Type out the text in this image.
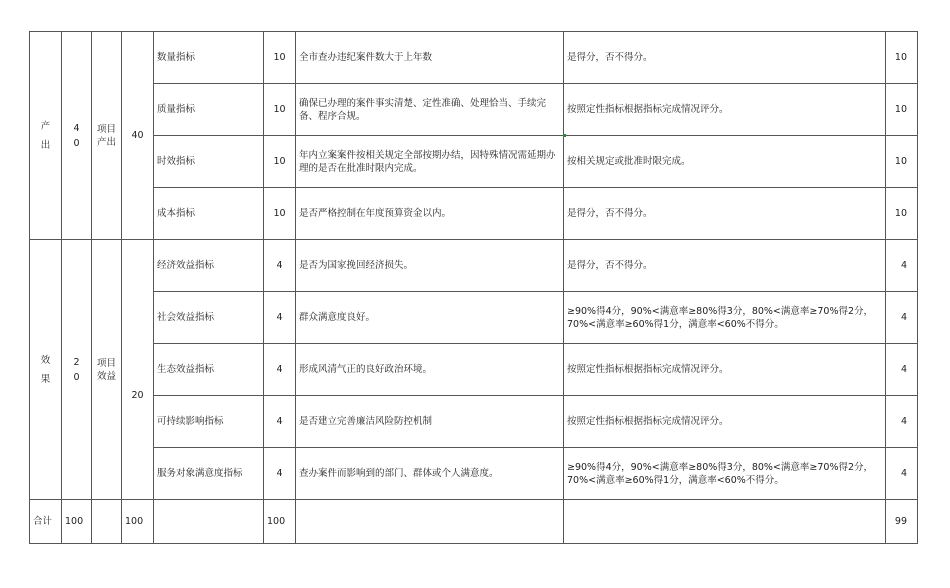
产出	40	项目产出	40	数量指标	10	全市查办违纪案件数大于上年数	是得分，否不得分。	10
				质量指标	10	确保已办理的案件事实清楚、定性准确、处理恰当、手续完备、程序合规。	按照定性指标根据指标完成情况评分。	10
				时效指标	10	年内立案案件按相关规定全部按期办结，因特殊情况需延期办理的是否在批准时限内完成。	按相关规定或批准时限完成。	10
				成本指标	10	是否严格控制在年度预算资金以内。	是得分，否不得分。	10
效果	20	项目效益		经济效益指标	4	是否为国家挽回经济损失。	是得分，否不得分。	4
			20	社会效益指标	4	群众满意度良好。	≥90%得4分，90%<满意率≥80%得3分，80%<满意率≥70%得2分，70%<满意率≥60%得1分，满意率<60%不得分。	4
				生态效益指标	4	形成风清气正的良好政治环境。	按照定性指标根据指标完成情况评分。	4
				可持续影响指标	4	是否建立完善廉洁风险防控机制	按照定性指标根据指标完成情况评分。	4
				服务对象满意度指标	4	查办案件而影响到的部门、群体或个人满意度。	≥90%得4分，90%<满意率≥80%得3分，80%<满意率≥70%得2分，70%<满意率≥60%得1分，满意率<60%不得分。	4
合计	100		100		100			99
